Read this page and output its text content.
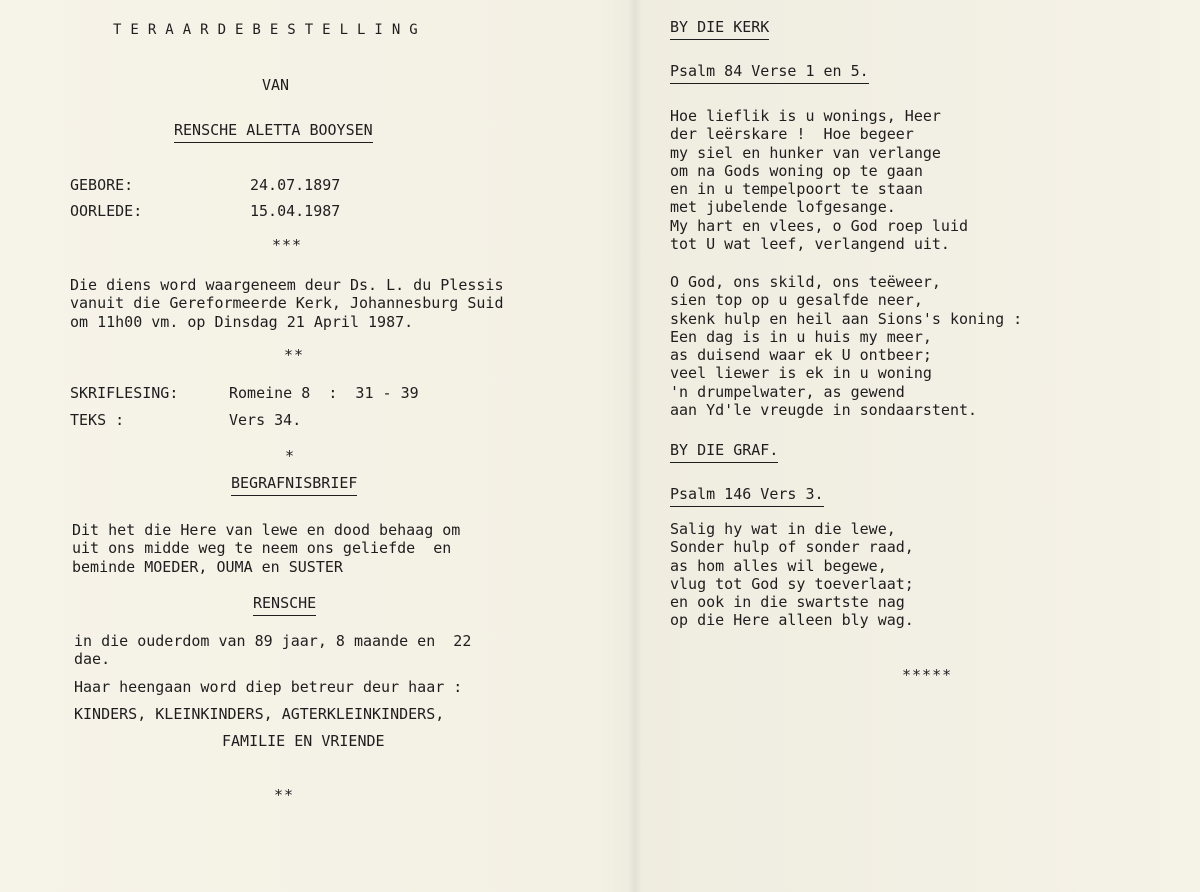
TERAARDEBESTELLING
VAN
RENSCHE ALETTA BOOYSEN
GEBORE:	24.07.1897
OORLEDE:	15.04.1987
***
Die diens word waargeneem deur Ds. L. du Plessis
vanuit die Gereformeerde Kerk, Johannesburg Suid
om 11h00 vm. op Dinsdag 21 April 1987.
**
SKRIFLESING:	Romeine 8  :  31 - 39
TEKS :	Vers 34.
*
BEGRAFNISBRIEF
Dit het die Here van lewe en dood behaag om
uit ons midde weg te neem ons geliefde  en
beminde MOEDER, OUMA en SUSTER
RENSCHE
in die ouderdom van 89 jaar, 8 maande en  22
dae.
Haar heengaan word diep betreur deur haar :
KINDERS, KLEINKINDERS, AGTERKLEINKINDERS,
FAMILIE EN VRIENDE
**
BY DIE KERK
Psalm 84 Verse 1 en 5.
Hoe lieflik is u wonings, Heer
der leërskare !  Hoe begeer
my siel en hunker van verlange
om na Gods woning op te gaan
en in u tempelpoort te staan
met jubelende lofgesange.
My hart en vlees, o God roep luid
tot U wat leef, verlangend uit.
O God, ons skild, ons teëweer,
sien top op u gesalfde neer,
skenk hulp en heil aan Sions's koning :
Een dag is in u huis my meer,
as duisend waar ek U ontbeer;
veel liewer is ek in u woning
'n drumpelwater, as gewend
aan Yd'le vreugde in sondaarstent.
BY DIE GRAF.
Psalm 146 Vers 3.
Salig hy wat in die lewe,
Sonder hulp of sonder raad,
as hom alles wil begewe,
vlug tot God sy toeverlaat;
en ook in die swartste nag
op die Here alleen bly wag.
*****
